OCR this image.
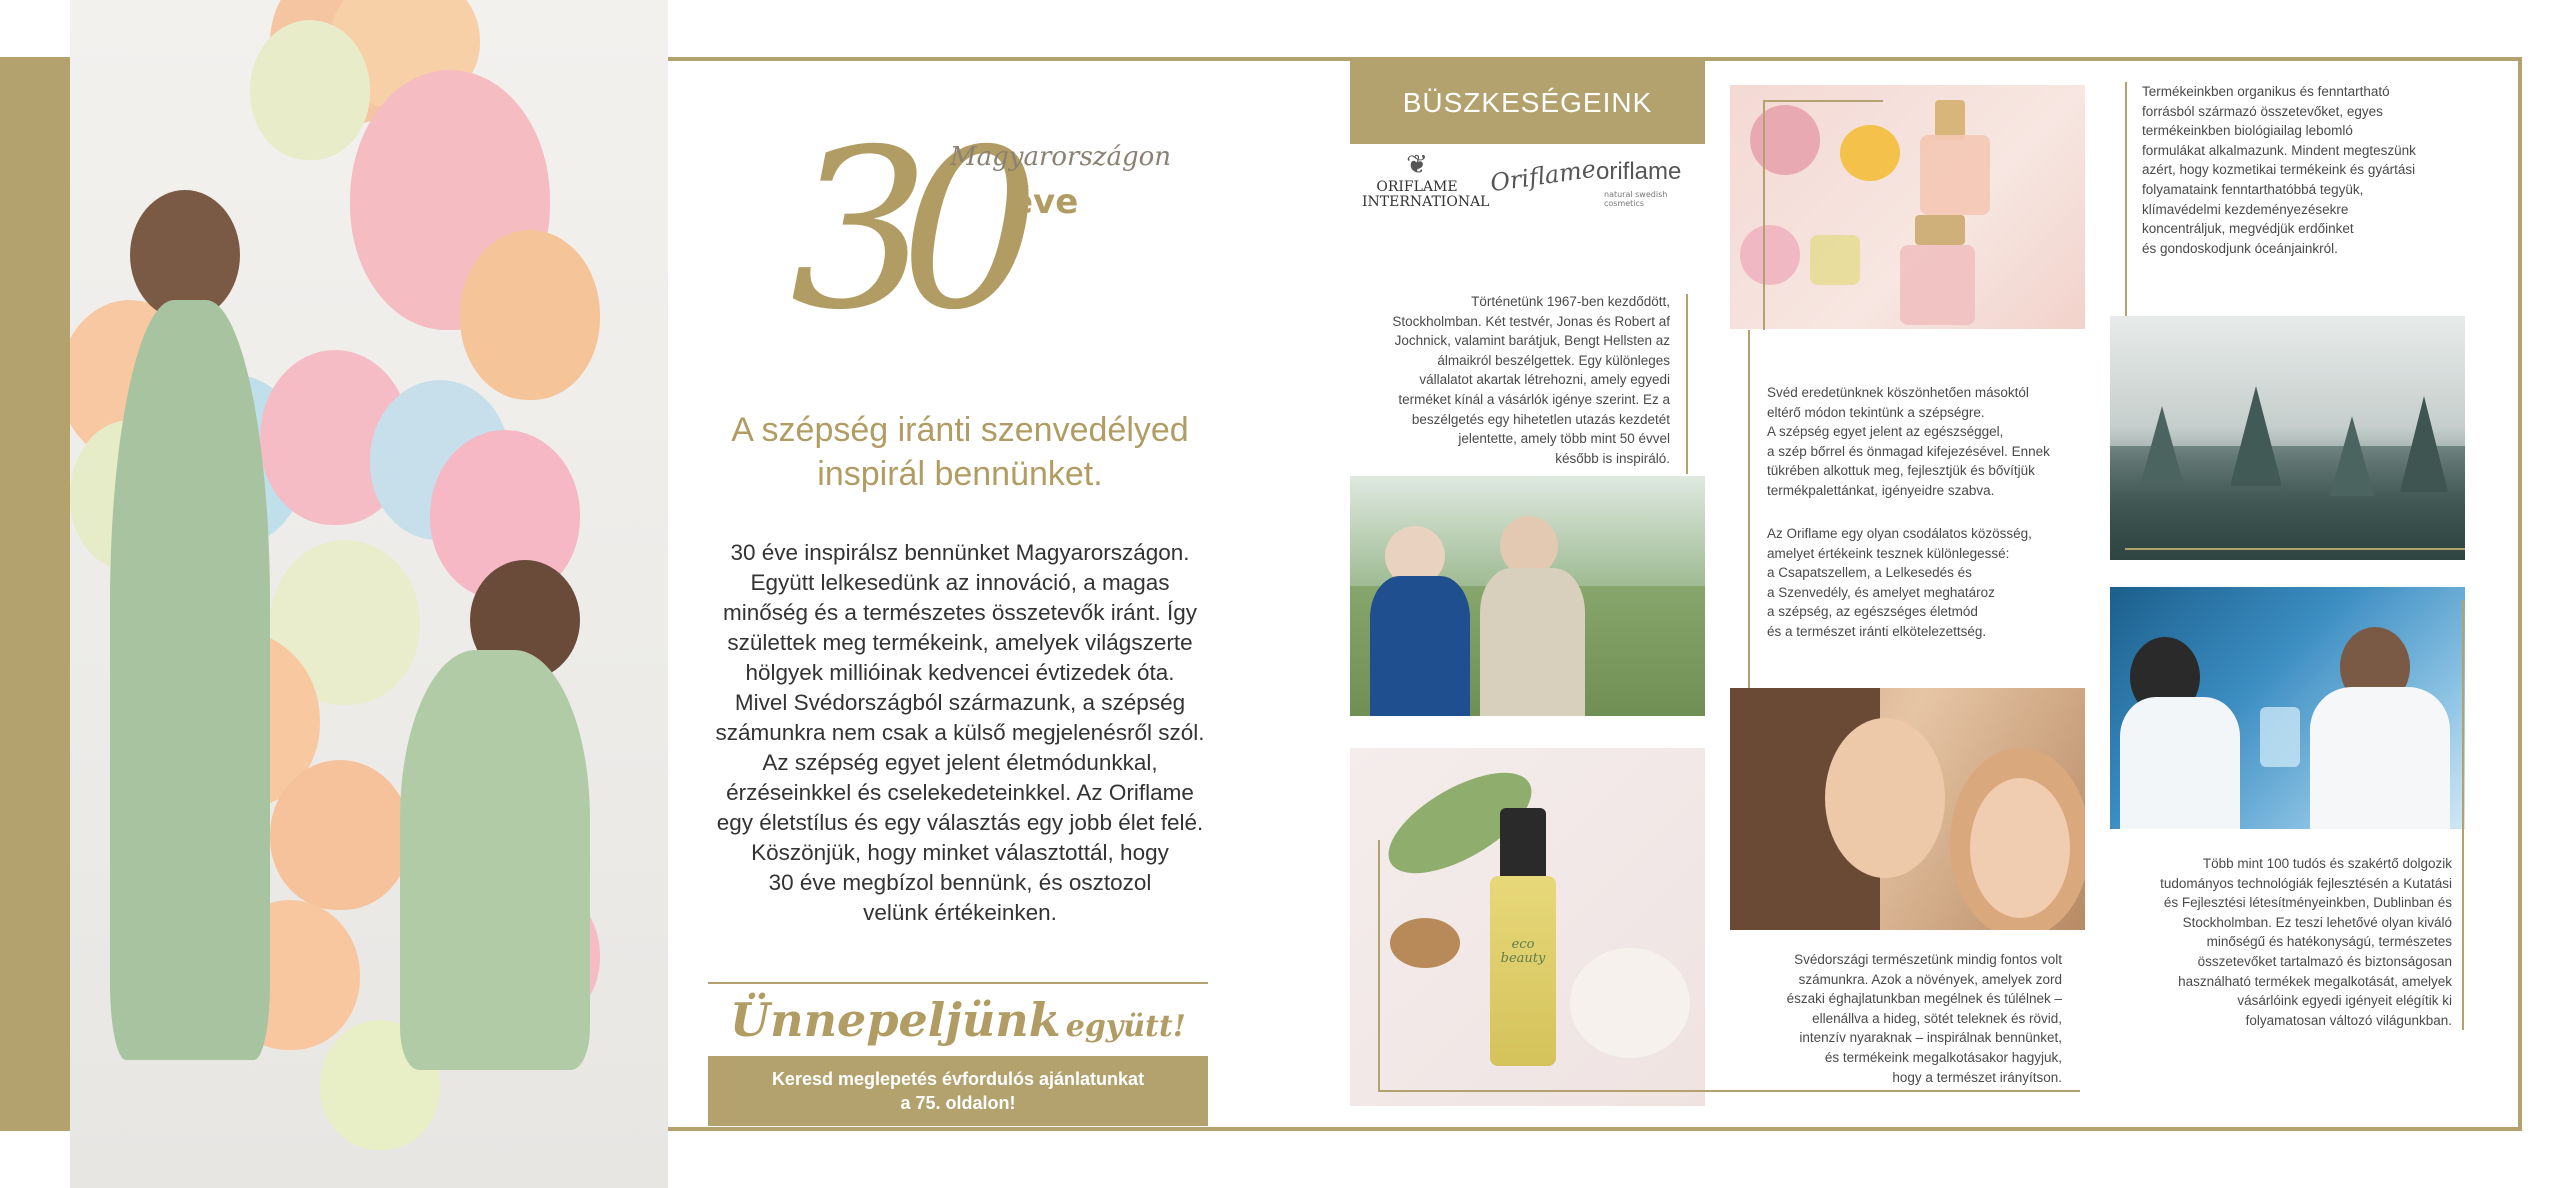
30
Magyarországon
éve
A szépség iránti szenvedélyed
inspirál bennünket.
30 éve inspirálsz bennünket Magyarországon.
Együtt lelkesedünk az innováció, a magas
minőség és a természetes összetevők iránt. Így
születtek meg termékeink, amelyek világszerte
hölgyek millióinak kedvencei évtizedek óta.
Mivel Svédországból származunk, a szépség
számunkra nem csak a külső megjelenésről szól.
Az szépség egyet jelent életmódunkkal,
érzéseinkkel és cselekedeteinkkel. Az Oriflame
egy életstílus és egy választás egy jobb élet felé.
Köszönjük, hogy minket választottál, hogy
30 éve megbízol bennünk, és osztozol
velünk értékeinken.
Ünnepeljünk együtt!
Keresd meglepetés évfordulós ajánlatunkat
a 75. oldalon!
BÜSZKESÉGEINK
❦
ORIFLAME
INTERNATIONAL
Oriflame
oriflame
natural swedish cosmetics
Történetünk 1967-ben kezdődött,
Stockholmban. Két testvér, Jonas és Robert af
Jochnick, valamint barátjuk, Bengt Hellsten az
álmaikról beszélgettek. Egy különleges
vállalatot akartak létrehozni, amely egyedi
terméket kínál a vásárlók igénye szerint. Ez a
beszélgetés egy hihetetlen utazás kezdetét
jelentette, amely több mint 50 évvel
később is inspiráló.
eco
beauty
Svéd eredetünknek köszönhetően másoktól
eltérő módon tekintünk a szépségre.
A szépség egyet jelent az egészséggel,
a szép bőrrel és önmagad kifejezésével. Ennek
tükrében alkottuk meg, fejlesztjük és bővítjük
termékpalettánkat, igényeidre szabva.
Az Oriflame egy olyan csodálatos közösség,
amelyet értékeink tesznek különlegessé:
a Csapatszellem, a Lelkesedés és
a Szenvedély, és amelyet meghatároz
a szépség, az egészséges életmód
és a természet iránti elkötelezettség.
Svédországi természetünk mindig fontos volt
számunkra. Azok a növények, amelyek zord
északi éghajlatunkban megélnek és túlélnek –
ellenállva a hideg, sötét teleknek és rövid,
intenzív nyaraknak – inspirálnak bennünket,
és termékeink megalkotásakor hagyjuk,
hogy a természet irányítson.
Termékeinkben organikus és fenntartható
forrásból származó összetevőket, egyes
termékeinkben biológiailag lebomló
formulákat alkalmazunk. Mindent megteszünk
azért, hogy kozmetikai termékeink és gyártási
folyamataink fenntarthatóbbá tegyük,
klímavédelmi kezdeményezésekre
koncentráljuk, megvédjük erdőinket
és gondoskodjunk óceánjainkról.
Több mint 100 tudós és szakértő dolgozik
tudományos technológiák fejlesztésén a Kutatási
és Fejlesztési létesítményeinkben, Dublinban és
Stockholmban. Ez teszi lehetővé olyan kiváló
minőségű és hatékonyságú, természetes
összetevőket tartalmazó és biztonságosan
használható termékek megalkotását, amelyek
vásárlóink egyedi igényeit elégítik ki
folyamatosan változó világunkban.
